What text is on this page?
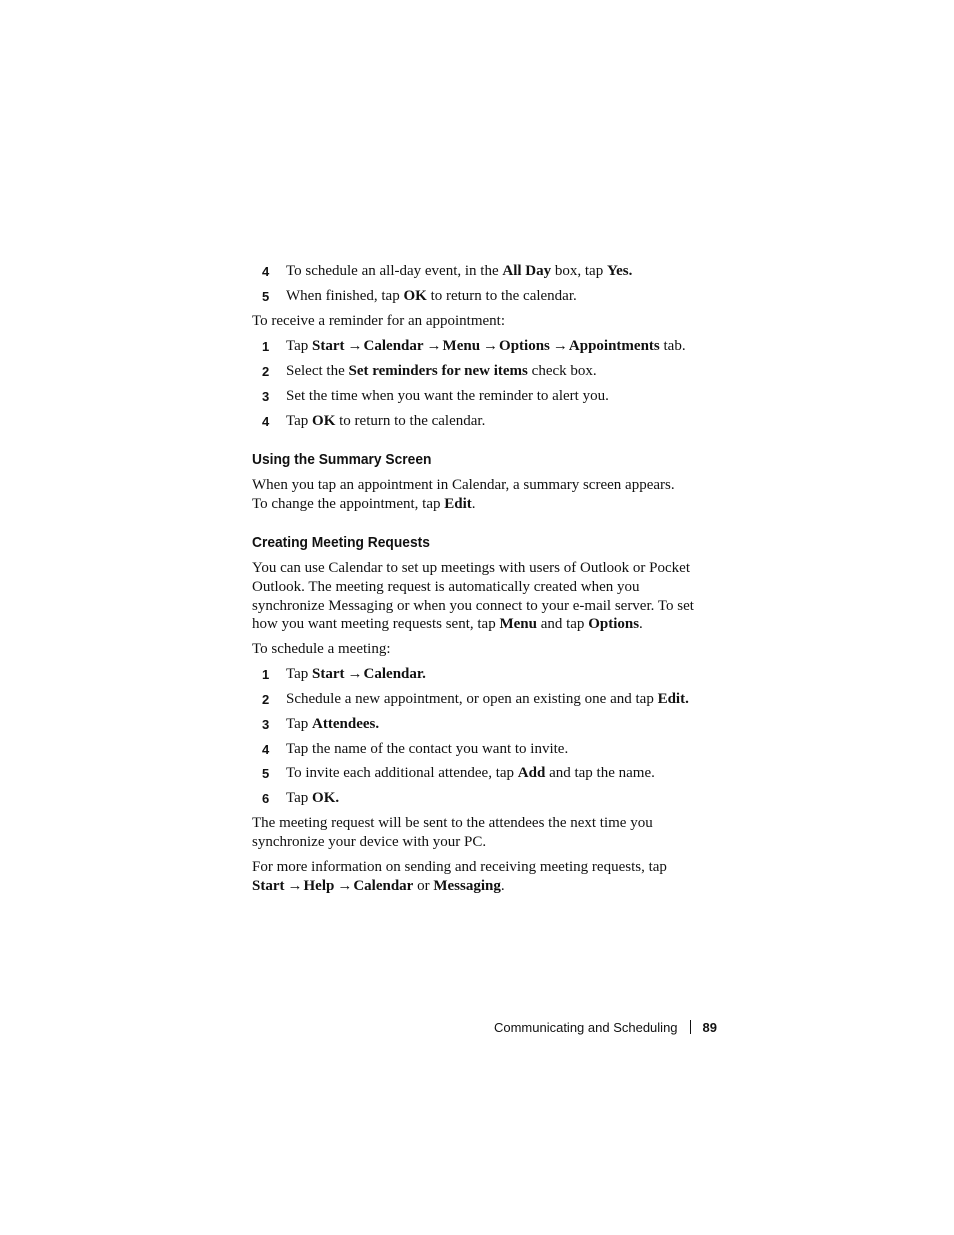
4 To schedule an all-day event, in the All Day box, tap Yes.
5 When finished, tap OK to return to the calendar.
To receive a reminder for an appointment:
1 Tap Start →Calendar →Menu →Options →Appointments tab.
2 Select the Set reminders for new items check box.
3 Set the time when you want the reminder to alert you.
4 Tap OK to return to the calendar.
Using the Summary Screen
When you tap an appointment in Calendar, a summary screen appears.
To change the appointment, tap Edit.
Creating Meeting Requests
You can use Calendar to set up meetings with users of Outlook or Pocket
Outlook. The meeting request is automatically created when you
synchronize Messaging or when you connect to your e-mail server. To set
how you want meeting requests sent, tap Menu and tap Options.
To schedule a meeting:
1 Tap Start →Calendar.
2 Schedule a new appointment, or open an existing one and tap Edit.
3 Tap Attendees.
4 Tap the name of the contact you want to invite.
5 To invite each additional attendee, tap Add and tap the name.
6 Tap OK.
The meeting request will be sent to the attendees the next time you
synchronize your device with your PC.
For more information on sending and receiving meeting requests, tap
Start →Help →Calendar or Messaging.
Communicating and Scheduling 89
